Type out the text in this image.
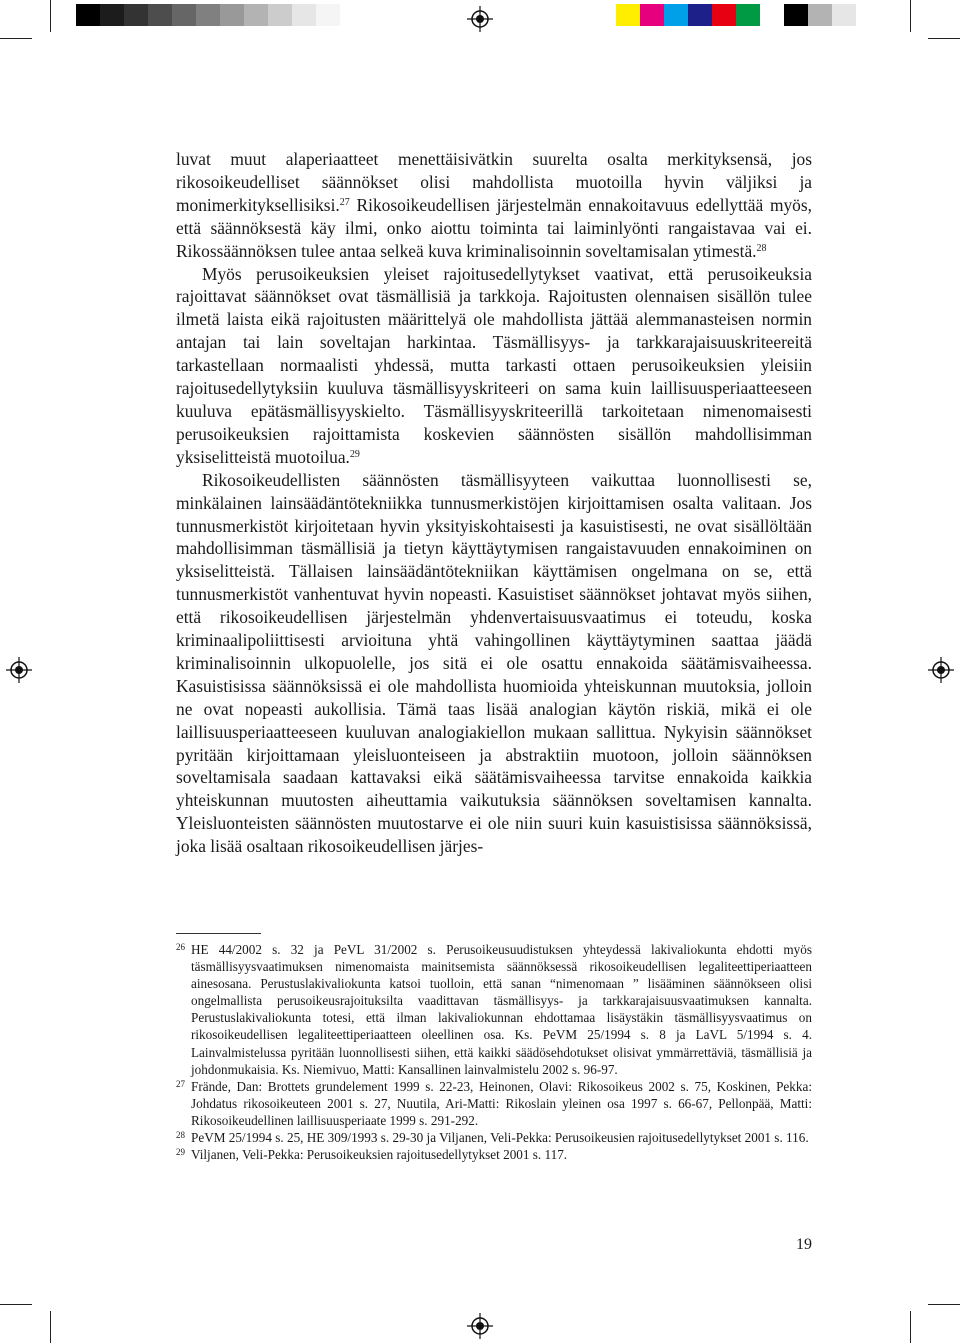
luvat muut alaperiaatteet menettäisivätkin suurelta osalta merkityksensä, jos rikosoikeudelliset säännökset olisi mahdollista muotoilla hyvin väljiksi ja monimerkityksellisiksi.$^{27}$ Rikosoikeudellisen järjestelmän ennakoitavuus edellyttää myös, että säännöksestä käy ilmi, onko aiottu toiminta tai laiminlyönti rangaistavaa vai ei. Rikossäännöksen tulee antaa selkeä kuva kriminalisoinnin soveltamisalan ytimestä.$^{28}$

Myös perusoikeuksien yleiset rajoitusedellytykset vaativat, että perusoikeuksia rajoittavat säännökset ovat täsmällisiä ja tarkkoja. Rajoitusten olennaisen sisällön tulee ilmetä laista eikä rajoitusten määrittelyä ole mahdollista jättää alemmanasteisen normin antajan tai lain soveltajan harkintaa. Täsmällisyys- ja tarkkarajaisuuskriteereitä tarkastellaan normaalisti yhdessä, mutta tarkasti ottaen perusoikeuksien yleisiin rajoitusedellytyksiin kuuluva täsmällisyyskriteeri on sama kuin laillisuusperiaatteeseen kuuluva epätäsmällisyyskielto. Täsmällisyyskriteerillä tarkoitetaan nimenomaisesti perusoikeuksien rajoittamista koskevien säännösten sisällön mahdollisimman yksiselitteistä muotoilua.$^{29}$

Rikosoikeudellisten säännösten täsmällisyyteen vaikuttaa luonnollisesti se, minkälainen lainsäädäntötekniikka tunnusmerkistöjen kirjoittamisen osalta valitaan. Jos tunnusmerkistöt kirjoitetaan hyvin yksityiskohtaisesti ja kasuistisesti, ne ovat sisällöltään mahdollisimman täsmällisiä ja tietyn käyttäytymisen rangaistavuuden ennakoiminen on yksiselitteistä. Tällaisen lainsäädäntötekniikan käyttämisen ongelmana on se, että tunnusmerkistöt vanhentuvat hyvin nopeasti. Kasuistiset säännökset johtavat myös siihen, että rikosoikeudellisen järjestelmän yhdenvertaisuusvaatimus ei toteudu, koska kriminaalipoliittisesti arvioituna yhtä vahingollinen käyttäytyminen saattaa jäädä kriminalisoinnin ulkopuolelle, jos sitä ei ole osattu ennakoida säätämisvaiheessa. Kasuistisissa säännöksissä ei ole mahdollista huomioida yhteiskunnan muutoksia, jolloin ne ovat nopeasti aukollisia. Tämä taas lisää analogian käytön riskiä, mikä ei ole laillisuusperiaatteeseen kuuluvan analogiakiellon mukaan sallittua. Nykyisin säännökset pyritään kirjoittamaan yleisluonteiseen ja abstraktiin muotoon, jolloin säännöksen soveltamisala saadaan kattavaksi eikä säätämisvaiheessa tarvitse ennakoida kaikkia yhteiskunnan muutosten aiheuttamia vaikutuksia säännöksen soveltamisen kannalta. Yleisluonteisten säännösten muutostarve ei ole niin suuri kuin kasuistisissa säännöksissä, joka lisää osaltaan rikosoikeudellisen järjes-

26 HE 44/2002 s. 32 ja PeVL 31/2002 s. Perusoikeusuudistuksen yhteydessä lakivaliokunta ehdotti myös täsmällisyysvaatimuksen nimenomaista mainitsemista säännöksessä rikosoikeudellisen legaliteettiperiaatteen ainesosana. Perustuslakivaliokunta katsoi tuolloin, että sanan “nimenomaan ” lisääminen säännökseen olisi ongelmallista perusoikeusrajoituksilta vaadittavan täsmällisyys- ja tarkkarajaisuusvaatimuksen kannalta. Perustuslakivaliokunta totesi, että ilman lakivaliokunnan ehdottamaa lisäystäkin täsmällisyysvaatimus on rikosoikeudellisen legaliteettiperiaatteen oleellinen osa. Ks. PeVM 25/1994 s. 8 ja LaVL 5/1994 s. 4. Lainvalmistelussa pyritään luonnollisesti siihen, että kaikki säädösehdotukset olisivat ymmärrettäviä, täsmällisiä ja johdonmukaisia. Ks. Niemivuo, Matti: Kansallinen lainvalmistelu 2002 s. 96-97.

27 Frände, Dan: Brottets grundelement 1999 s. 22-23, Heinonen, Olavi: Rikosoikeus 2002 s. 75, Koskinen, Pekka: Johdatus rikosoikeuteen 2001 s. 27, Nuutila, Ari-Matti: Rikoslain yleinen osa 1997 s. 66-67, Pellonpää, Matti: Rikosoikeudellinen laillisuusperiaate 1999 s. 291-292.

28 PeVM 25/1994 s. 25, HE 309/1993 s. 29-30 ja Viljanen, Veli-Pekka: Perusoikeusien rajoitusedellytykset 2001 s. 116.

29 Viljanen, Veli-Pekka: Perusoikeuksien rajoitusedellytykset 2001 s. 117.

19
